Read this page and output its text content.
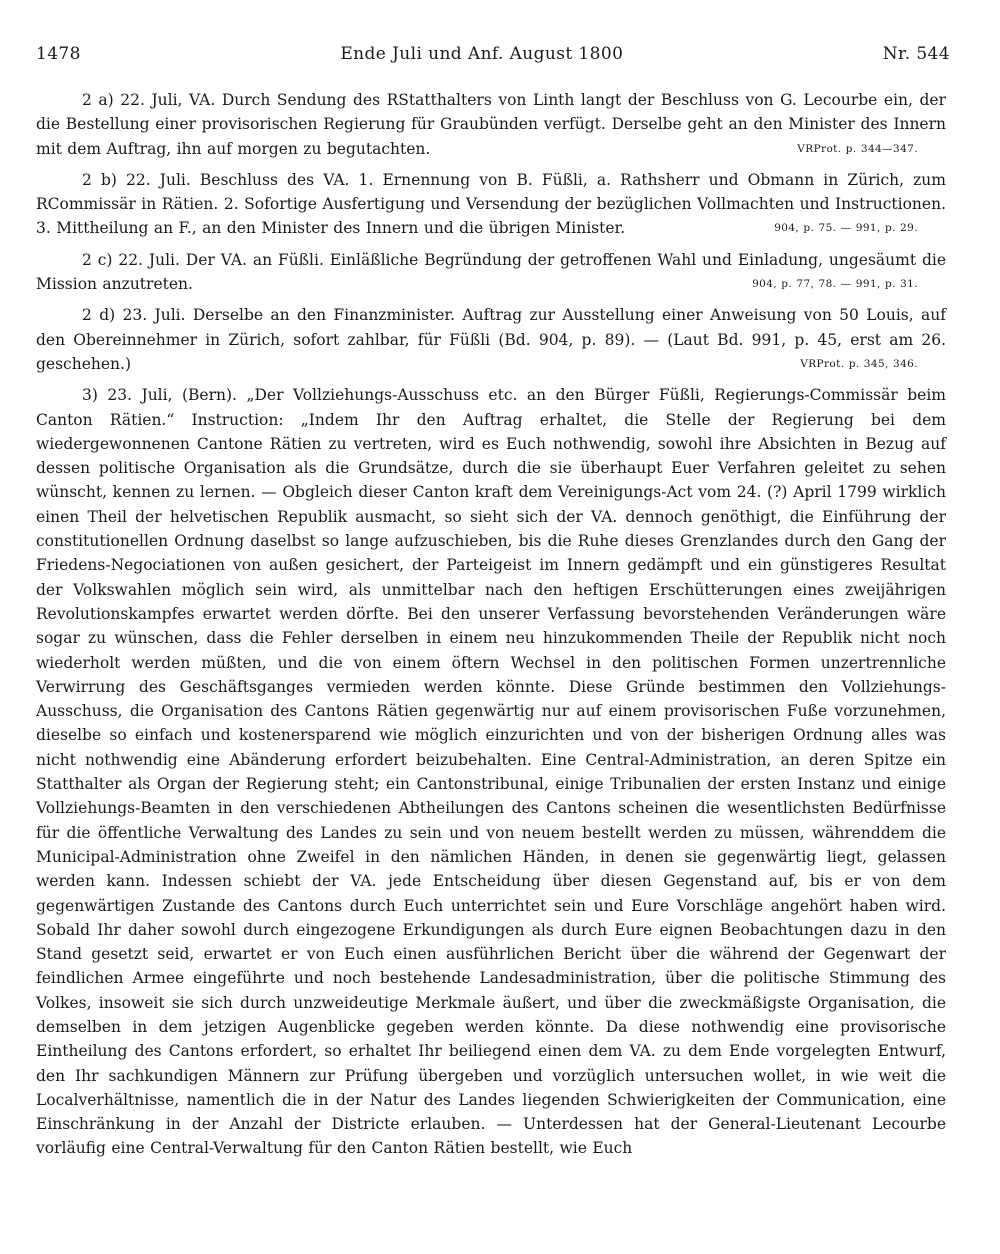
1478	Ende Juli und Anf. August 1800	Nr. 544

2 a) 22. Juli, VA. Durch Sendung des RStatthalters von Linth langt der Beschluss von G. Lecourbe ein, der die Bestellung einer provisorischen Regierung für Graubünden verfügt. Derselbe geht an den Minister des Innern mit dem Auftrag, ihn auf morgen zu begutachten.	VRProt. p. 344—347.

2 b) 22. Juli. Beschluss des VA. 1. Ernennung von B. Füßli, a. Rathsherr und Obmann in Zürich, zum RCommissär in Rätien. 2. Sofortige Ausfertigung und Versendung der bezüglichen Vollmachten und Instructionen. 3. Mittheilung an F., an den Minister des Innern und die übrigen Minister.	904, p. 75. — 991, p. 29.

2 c) 22. Juli. Der VA. an Füßli. Einläßliche Begründung der getroffenen Wahl und Einladung, ungesäumt die Mission anzutreten.	904, p. 77, 78. — 991, p. 31.

2 d) 23. Juli. Derselbe an den Finanzminister. Auftrag zur Ausstellung einer Anweisung von 50 Louis, auf den Obereinnehmer in Zürich, sofort zahlbar, für Füßli (Bd. 904, p. 89). — (Laut Bd. 991, p. 45, erst am 26. geschehen.)	VRProt. p. 345, 346.

3) 23. Juli, (Bern). „Der Vollziehungs-Ausschuss etc. an den Bürger Füßli, Regierungs-Commissär beim Canton Rätien.“ Instruction: „Indem Ihr den Auftrag erhaltet, die Stelle der Regierung bei dem wiedergewonnenen Cantone Rätien zu vertreten, wird es Euch nothwendig, sowohl ihre Absichten in Bezug auf dessen politische Organisation als die Grundsätze, durch die sie überhaupt Euer Verfahren geleitet zu sehen wünscht, kennen zu lernen. — Obgleich dieser Canton kraft dem Vereinigungs-Act vom 24. (?) April 1799 wirklich einen Theil der helvetischen Republik ausmacht, so sieht sich der VA. dennoch genöthigt, die Einführung der constitutionellen Ordnung daselbst so lange aufzuschieben, bis die Ruhe dieses Grenzlandes durch den Gang der Friedens-Negociationen von außen gesichert, der Parteigeist im Innern gedämpft und ein günstigeres Resultat der Volkswahlen möglich sein wird, als unmittelbar nach den heftigen Erschütterungen eines zweijährigen Revolutionskampfes erwartet werden dörfte. Bei den unserer Verfassung bevorstehenden Veränderungen wäre sogar zu wünschen, dass die Fehler derselben in einem neu hinzukommenden Theile der Republik nicht noch wiederholt werden müßten, und die von einem öftern Wechsel in den politischen Formen unzertrennliche Verwirrung des Geschäftsganges vermieden werden könnte. Diese Gründe bestimmen den Vollziehungs-Ausschuss, die Organisation des Cantons Rätien gegenwärtig nur auf einem provisorischen Fuße vorzunehmen, dieselbe so einfach und kostenersparend wie möglich einzurichten und von der bisherigen Ordnung alles was nicht nothwendig eine Abänderung erfordert beizubehalten. Eine Central-Administration, an deren Spitze ein Statthalter als Organ der Regierung steht; ein Cantonstribunal, einige Tribunalien der ersten Instanz und einige Vollziehungs-Beamten in den verschiedenen Abtheilungen des Cantons scheinen die wesentlichsten Bedürfnisse für die öffentliche Verwaltung des Landes zu sein und von neuem bestellt werden zu müssen, währenddem die Municipal-Administration ohne Zweifel in den nämlichen Händen, in denen sie gegenwärtig liegt, gelassen werden kann. Indessen schiebt der VA. jede Entscheidung über diesen Gegenstand auf, bis er von dem gegenwärtigen Zustande des Cantons durch Euch unterrichtet sein und Eure Vorschläge angehört haben wird. Sobald Ihr daher sowohl durch eingezogene Erkundigungen als durch Eure eignen Beobachtungen dazu in den Stand gesetzt seid, erwartet er von Euch einen ausführlichen Bericht über die während der Gegenwart der feindlichen Armee eingeführte und noch bestehende Landesadministration, über die politische Stimmung des Volkes, insoweit sie sich durch unzweideutige Merkmale äußert, und über die zweckmäßigste Organisation, die demselben in dem jetzigen Augenblicke gegeben werden könnte. Da diese nothwendig eine provisorische Eintheilung des Cantons erfordert, so erhaltet Ihr beiliegend einen dem VA. zu dem Ende vorgelegten Entwurf, den Ihr sachkundigen Männern zur Prüfung übergeben und vorzüglich untersuchen wollet, in wie weit die Localverhältnisse, namentlich die in der Natur des Landes liegenden Schwierigkeiten der Communication, eine Einschränkung in der Anzahl der Districte erlauben. — Unterdessen hat der General-Lieutenant Lecourbe vorläufig eine Central-Verwaltung für den Canton Rätien bestellt, wie Euch
